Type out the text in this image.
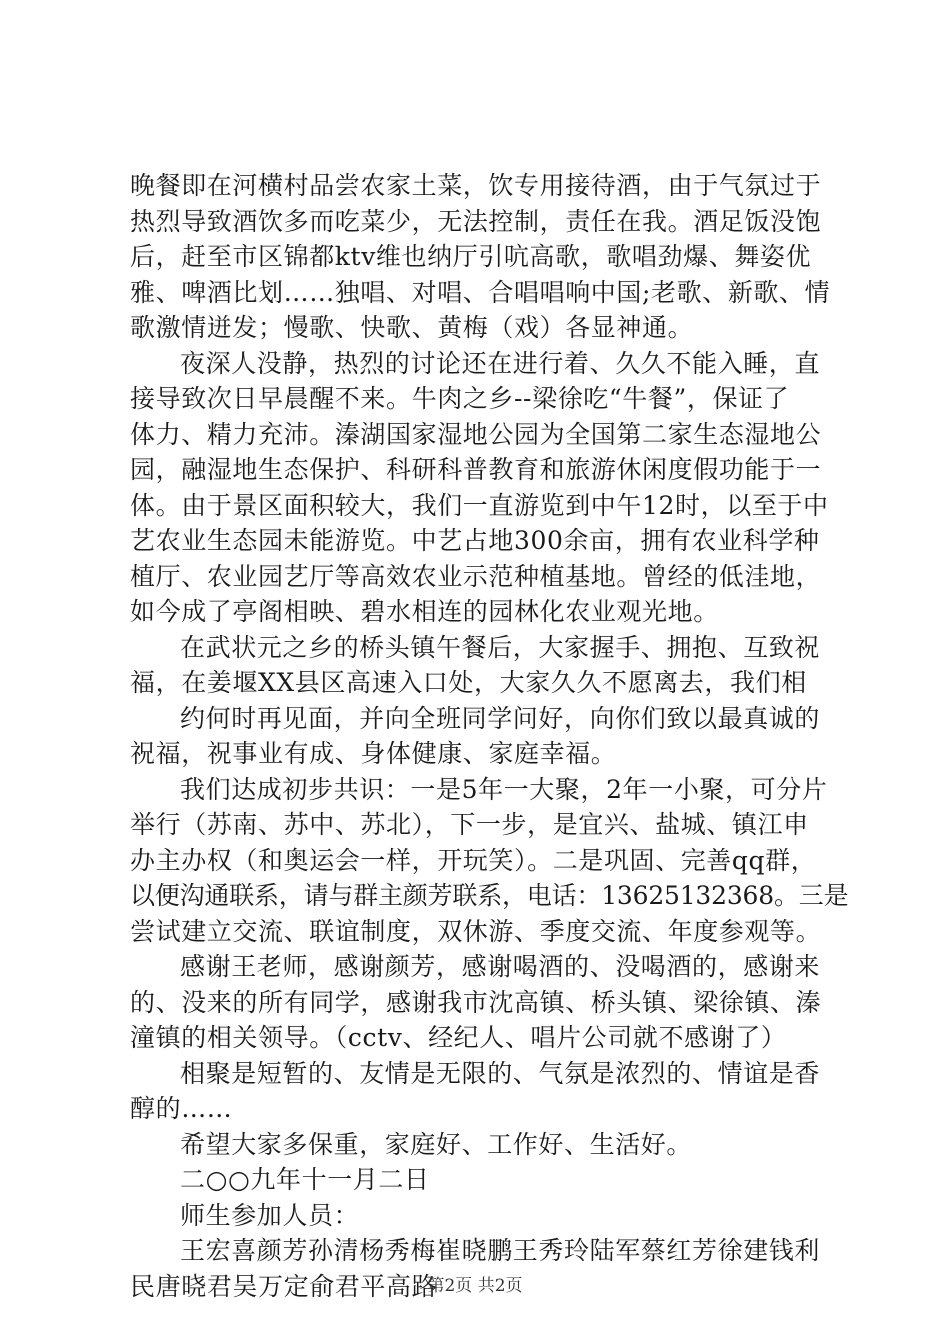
晚餐即在河横村品尝农家土菜，饮专用接待酒，由于气氛过于
热烈导致酒饮多而吃菜少，无法控制，责任在我。酒足饭没饱
后，赶至市区锦都ktv维也纳厅引吭高歌，歌唱劲爆、舞姿优
雅、啤酒比划……独唱、对唱、合唱唱响中国;老歌、新歌、情
歌激情迸发；慢歌、快歌、黄梅（戏）各显神通。
夜深人没静，热烈的讨论还在进行着、久久不能入睡，直
接导致次日早晨醒不来。牛肉之乡--梁徐吃“牛餐”，保证了
体力、精力充沛。溱湖国家湿地公园为全国第二家生态湿地公
园，融湿地生态保护、科研科普教育和旅游休闲度假功能于一
体。由于景区面积较大，我们一直游览到中午12时，以至于中
艺农业生态园未能游览。中艺占地300余亩，拥有农业科学种
植厅、农业园艺厅等高效农业示范种植基地。曾经的低洼地，
如今成了亭阁相映、碧水相连的园林化农业观光地。
在武状元之乡的桥头镇午餐后，大家握手、拥抱、互致祝
福，在姜堰XX县区高速入口处，大家久久不愿离去，我们相
约何时再见面，并向全班同学问好，向你们致以最真诚的
祝福，祝事业有成、身体健康、家庭幸福。
我们达成初步共识：一是5年一大聚，2年一小聚，可分片
举行（苏南、苏中、苏北），下一步，是宜兴、盐城、镇江申
办主办权（和奥运会一样，开玩笑）。二是巩固、完善qq群，
以便沟通联系，请与群主颜芳联系，电话：13625132368。三是
尝试建立交流、联谊制度，双休游、季度交流、年度参观等。
感谢王老师，感谢颜芳，感谢喝酒的、没喝酒的，感谢来
的、没来的所有同学，感谢我市沈高镇、桥头镇、梁徐镇、溱
潼镇的相关领导。（cctv、经纪人、唱片公司就不感谢了）
相聚是短暂的、友情是无限的、气氛是浓烈的、情谊是香
醇的……
希望大家多保重，家庭好、工作好、生活好。
二○○九年十一月二日
师生参加人员：
王宏喜颜芳孙清杨秀梅崔晓鹏王秀玲陆军蔡红芳徐建钱利
民唐晓君吴万定俞君平高路
第2页 共2页
